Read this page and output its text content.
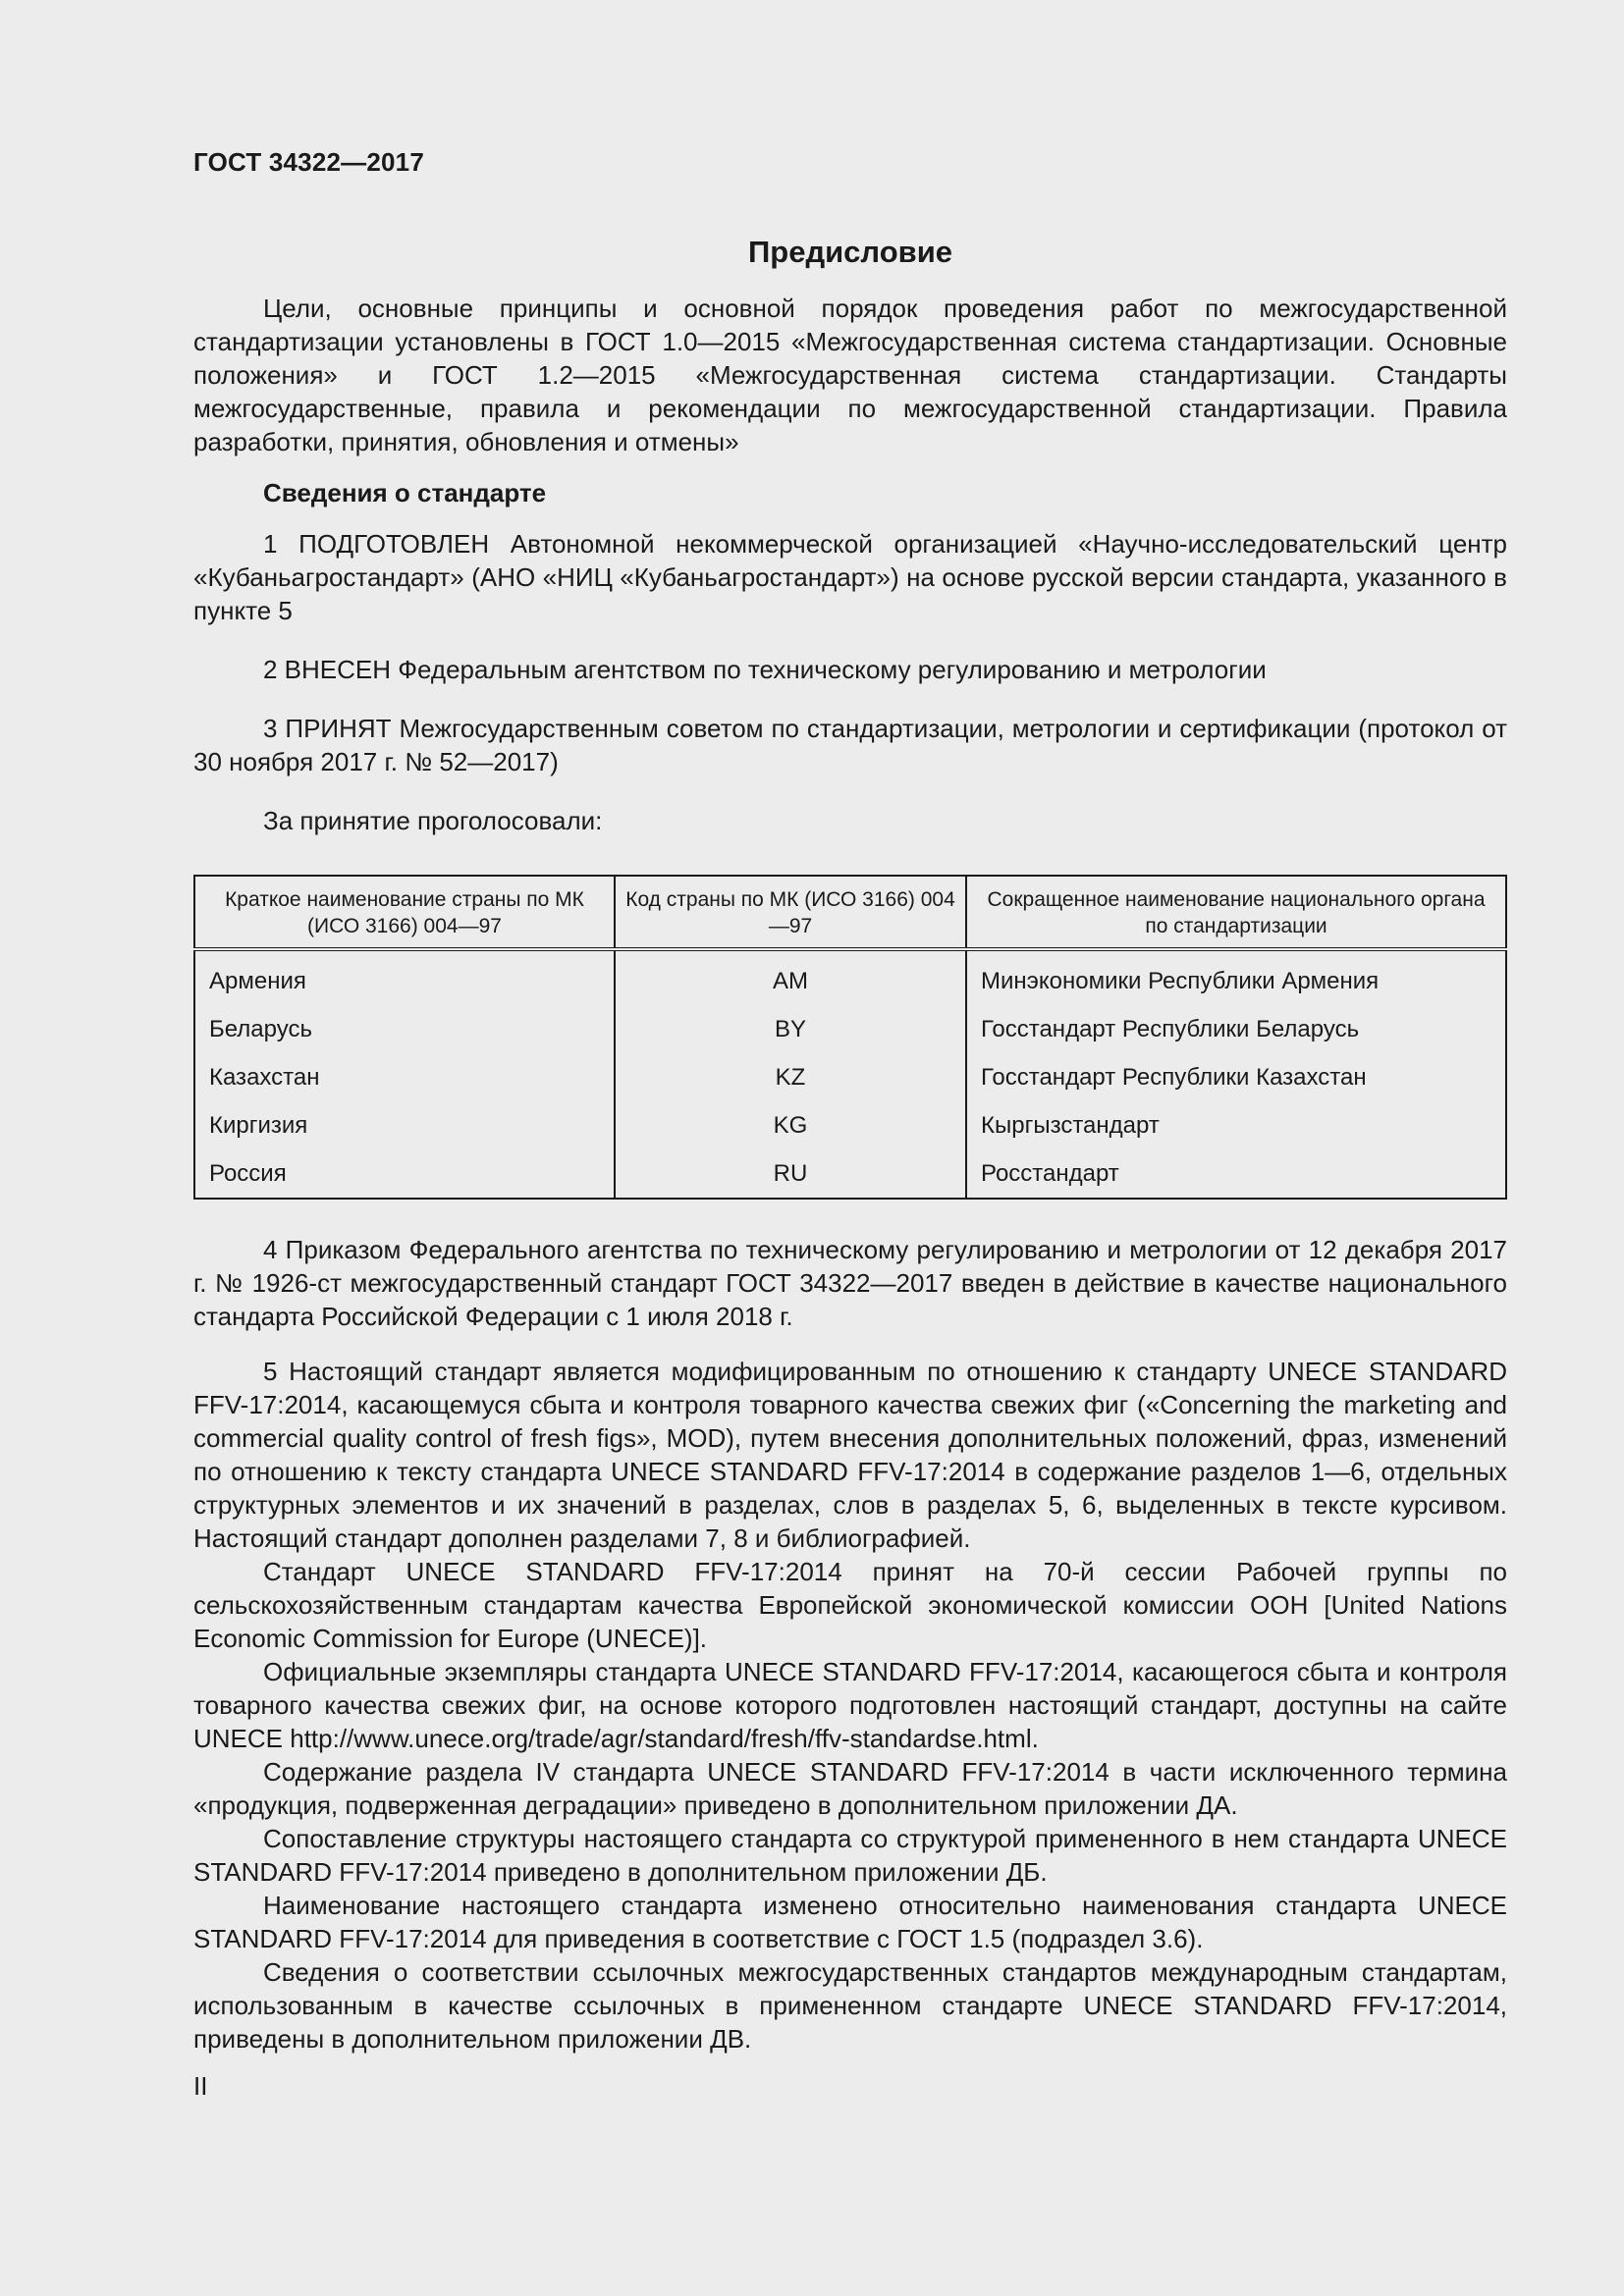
ГОСТ 34322—2017
Предисловие

Цели, основные принципы и основной порядок проведения работ по межгосударственной стандартизации установлены в ГОСТ 1.0—2015 «Межгосударственная система стандартизации. Основные положения» и ГОСТ 1.2—2015 «Межгосударственная система стандартизации. Стандарты межгосударственные, правила и рекомендации по межгосударственной стандартизации. Правила разработки, принятия, обновления и отмены»

Сведения о стандарте

1 ПОДГОТОВЛЕН Автономной некоммерческой организацией «Научно-исследовательский центр «Кубаньагростандарт» (АНО «НИЦ «Кубаньагростандарт») на основе русской версии стандарта, указанного в пункте 5

2 ВНЕСЕН Федеральным агентством по техническому регулированию и метрологии

3 ПРИНЯТ Межгосударственным советом по стандартизации, метрологии и сертификации (протокол от 30 ноября 2017 г. № 52—2017)

За принятие проголосовали:

Краткое наименование страны по МК (ИСО 3166) 004—97	Код страны по МК (ИСО 3166) 004—97	Сокращенное наименование национального органа по стандартизации
Армения	AM	Минэкономики Республики Армения
Беларусь	BY	Госстандарт Республики Беларусь
Казахстан	KZ	Госстандарт Республики Казахстан
Киргизия	KG	Кыргызстандарт
Россия	RU	Росстандарт

4 Приказом Федерального агентства по техническому регулированию и метрологии от 12 декабря 2017 г. № 1926-ст межгосударственный стандарт ГОСТ 34322—2017 введен в действие в качестве национального стандарта Российской Федерации с 1 июля 2018 г.

5 Настоящий стандарт является модифицированным по отношению к стандарту UNECE STANDARD FFV-17:2014, касающемуся сбыта и контроля товарного качества свежих фиг («Concerning the marketing and commercial quality control of fresh figs», MOD), путем внесения дополнительных положений, фраз, изменений по отношению к тексту стандарта UNECE STANDARD FFV-17:2014 в содержание разделов 1—6, отдельных структурных элементов и их значений в разделах, слов в разделах 5, 6, выделенных в тексте курсивом. Настоящий стандарт дополнен разделами 7, 8 и библиографией.

Стандарт UNECE STANDARD FFV-17:2014 принят на 70-й сессии Рабочей группы по сельскохозяйственным стандартам качества Европейской экономической комиссии ООН [United Nations Economic Commission for Europe (UNECE)].

Официальные экземпляры стандарта UNECE STANDARD FFV-17:2014, касающегося сбыта и контроля товарного качества свежих фиг, на основе которого подготовлен настоящий стандарт, доступны на сайте UNECE http://www.unece.org/trade/agr/standard/fresh/ffv-standardse.html.

Содержание раздела IV стандарта UNECE STANDARD FFV-17:2014 в части исключенного термина «продукция, подверженная деградации» приведено в дополнительном приложении ДА.

Сопоставление структуры настоящего стандарта со структурой примененного в нем стандарта UNECE STANDARD FFV-17:2014 приведено в дополнительном приложении ДБ.

Наименование настоящего стандарта изменено относительно наименования стандарта UNECE STANDARD FFV-17:2014 для приведения в соответствие с ГОСТ 1.5 (подраздел 3.6).

Сведения о соответствии ссылочных межгосударственных стандартов международным стандартам, использованным в качестве ссылочных в примененном стандарте UNECE STANDARD FFV-17:2014, приведены в дополнительном приложении ДВ.

II
